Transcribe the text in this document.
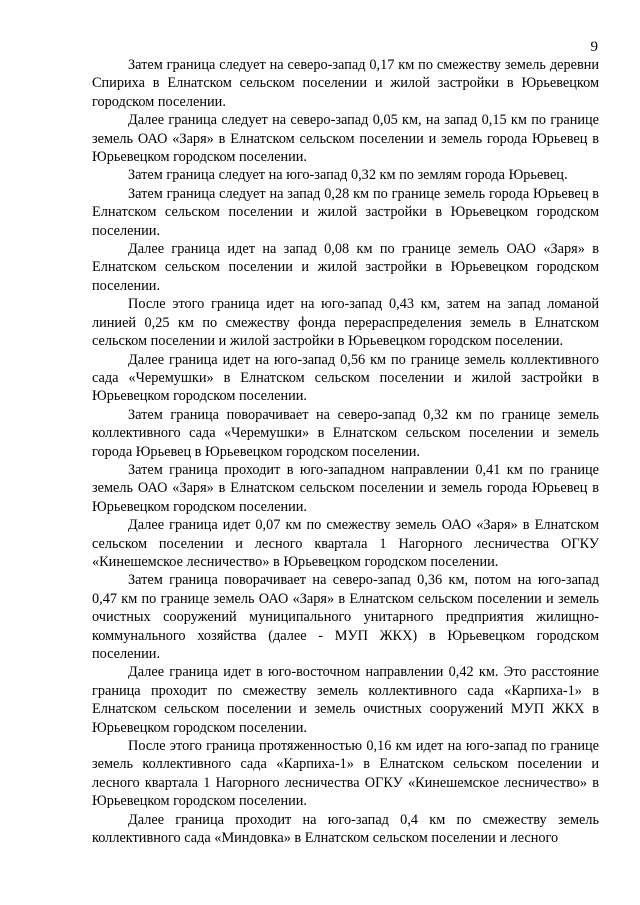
9

Затем граница следует на северо-запад 0,17 км по смежеству земель деревни Спириха в Елнатском сельском поселении и жилой застройки в Юрьевецком городском поселении.

Далее граница следует на северо-запад 0,05 км, на запад 0,15 км по границе земель ОАО «Заря» в Елнатском сельском поселении и земель города Юрьевец в Юрьевецком городском поселении.

Затем граница следует на юго-запад 0,32 км по землям города Юрьевец.

Затем граница следует на запад 0,28 км по границе земель города Юрьевец в Елнатском сельском поселении и жилой застройки в Юрьевецком городском поселении.

Далее граница идет на запад 0,08 км по границе земель ОАО «Заря» в Елнатском сельском поселении и жилой застройки в Юрьевецком городском поселении.

После этого граница идет на юго-запад 0,43 км, затем на запад ломаной линией 0,25 км по смежеству фонда перераспределения земель в Елнатском сельском поселении и жилой застройки в Юрьевецком городском поселении.

Далее граница идет на юго-запад 0,56 км по границе земель коллективного сада «Черемушки» в Елнатском сельском поселении и жилой застройки в Юрьевецком городском поселении.

Затем граница поворачивает на северо-запад 0,32 км по границе земель коллективного сада «Черемушки» в Елнатском сельском поселении и земель города Юрьевец в Юрьевецком городском поселении.

Затем граница проходит в юго-западном направлении 0,41 км по границе земель ОАО «Заря» в Елнатском сельском поселении и земель города Юрьевец в Юрьевецком городском поселении.

Далее граница идет 0,07 км по смежеству земель ОАО «Заря» в Елнатском сельском поселении и лесного квартала 1 Нагорного лесничества ОГКУ «Кинешемское лесничество» в Юрьевецком городском поселении.

Затем граница поворачивает на северо-запад 0,36 км, потом на юго-запад 0,47 км по границе земель ОАО «Заря» в Елнатском сельском поселении и земель очистных сооружений муниципального унитарного предприятия жилищно-коммунального хозяйства (далее - МУП ЖКХ) в Юрьевецком городском поселении.

Далее граница идет в юго-восточном направлении 0,42 км. Это расстояние граница проходит по смежеству земель коллективного сада «Карпиха-1» в Елнатском сельском поселении и земель очистных сооружений МУП ЖКХ в Юрьевецком городском поселении.

После этого граница протяженностью 0,16 км идет на юго-запад по границе земель коллективного сада «Карпиха-1» в Елнатском сельском поселении и лесного квартала 1 Нагорного лесничества ОГКУ «Кинешемское лесничество» в Юрьевецком городском поселении.

Далее граница проходит на юго-запад 0,4 км по смежеству земель коллективного сада «Миндовка» в Елнатском сельском поселении и лесного
